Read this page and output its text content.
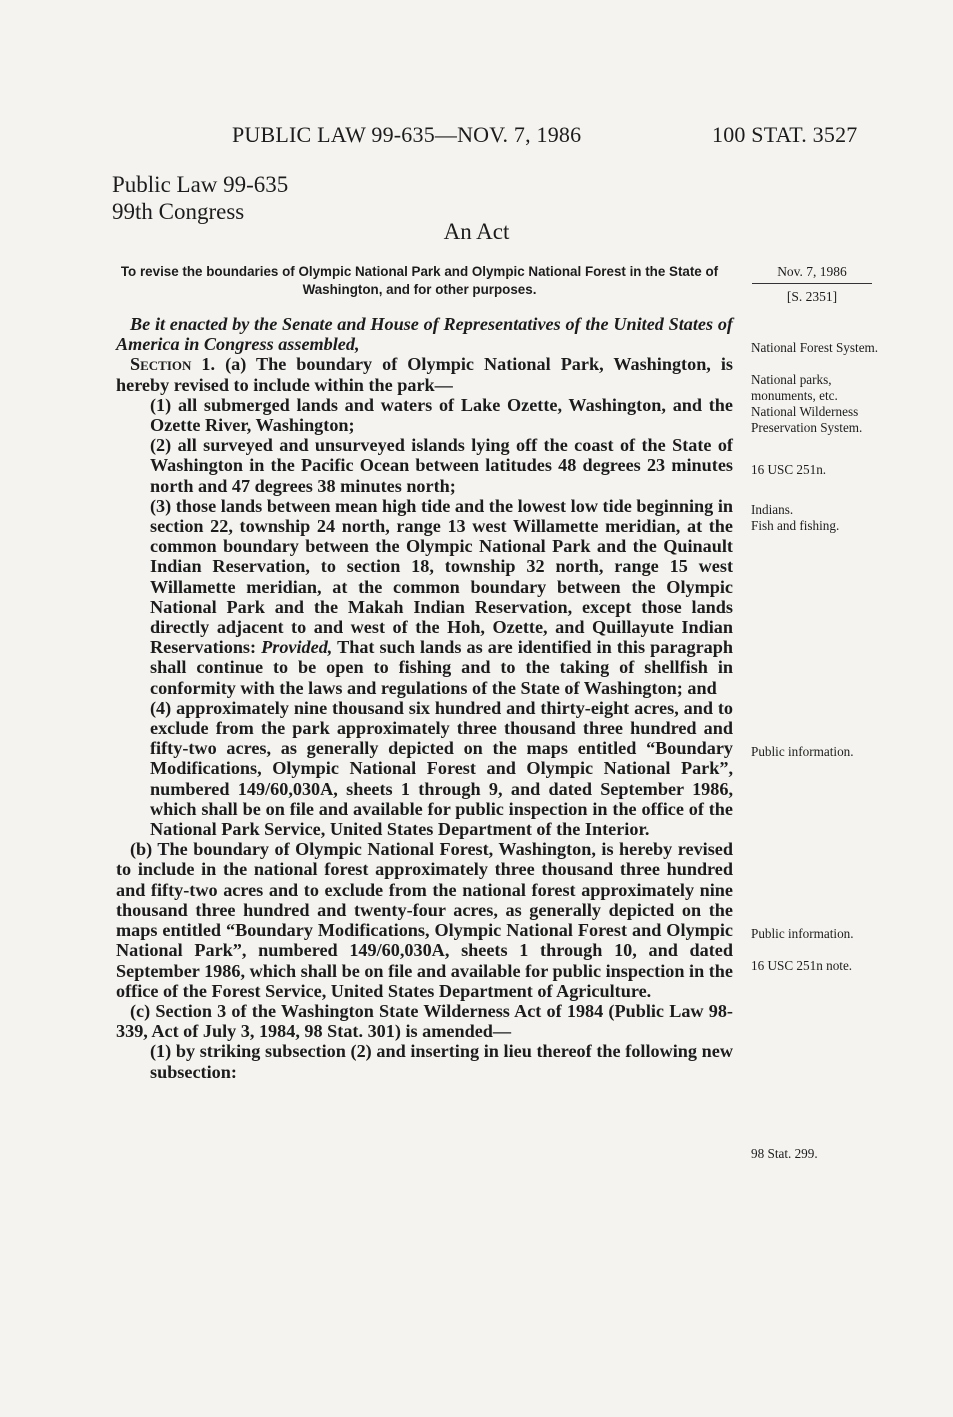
PUBLIC LAW 99-635—NOV. 7, 1986	100 STAT. 3527
Public Law 99-635
99th Congress
An Act
To revise the boundaries of Olympic National Park and Olympic National Forest in the State of Washington, and for other purposes.
Nov. 7, 1986
[S. 2351]

Be it enacted by the Senate and House of Representatives of the United States of America in Congress assembled,

Section 1. (a) The boundary of Olympic National Park, Washington, is hereby revised to include within the park—

(1) all submerged lands and waters of Lake Ozette, Washington, and the Ozette River, Washington;

(2) all surveyed and unsurveyed islands lying off the coast of the State of Washington in the Pacific Ocean between latitudes 48 degrees 23 minutes north and 47 degrees 38 minutes north;

(3) those lands between mean high tide and the lowest low tide beginning in section 22, township 24 north, range 13 west Willamette meridian, at the common boundary between the Olympic National Park and the Quinault Indian Reservation, to section 18, township 32 north, range 15 west Willamette meridian, at the common boundary between the Olympic National Park and the Makah Indian Reservation, except those lands directly adjacent to and west of the Hoh, Ozette, and Quillayute Indian Reservations: Provided, That such lands as are identified in this paragraph shall continue to be open to fishing and to the taking of shellfish in conformity with the laws and regulations of the State of Washington; and

(4) approximately nine thousand six hundred and thirty-eight acres, and to exclude from the park approximately three thousand three hundred and fifty-two acres, as generally depicted on the maps entitled “Boundary Modifications, Olympic National Forest and Olympic National Park”, numbered 149/60,030A, sheets 1 through 9, and dated September 1986, which shall be on file and available for public inspection in the office of the National Park Service, United States Department of the Interior.

(b) The boundary of Olympic National Forest, Washington, is hereby revised to include in the national forest approximately three thousand three hundred and fifty-two acres and to exclude from the national forest approximately nine thousand three hundred and twenty-four acres, as generally depicted on the maps entitled “Boundary Modifications, Olympic National Forest and Olympic National Park”, numbered 149/60,030A, sheets 1 through 10, and dated September 1986, which shall be on file and available for public inspection in the office of the Forest Service, United States Department of Agriculture.

(c) Section 3 of the Washington State Wilderness Act of 1984 (Public Law 98-339, Act of July 3, 1984, 98 Stat. 301) is amended—

(1) by striking subsection (2) and inserting in lieu thereof the following new subsection:

National Forest System.
National parks, monuments, etc.
National Wilderness Preservation System.
16 USC 251n.
Indians.
Fish and fishing.
Public information.
Public information.
16 USC 251n note.
98 Stat. 299.
